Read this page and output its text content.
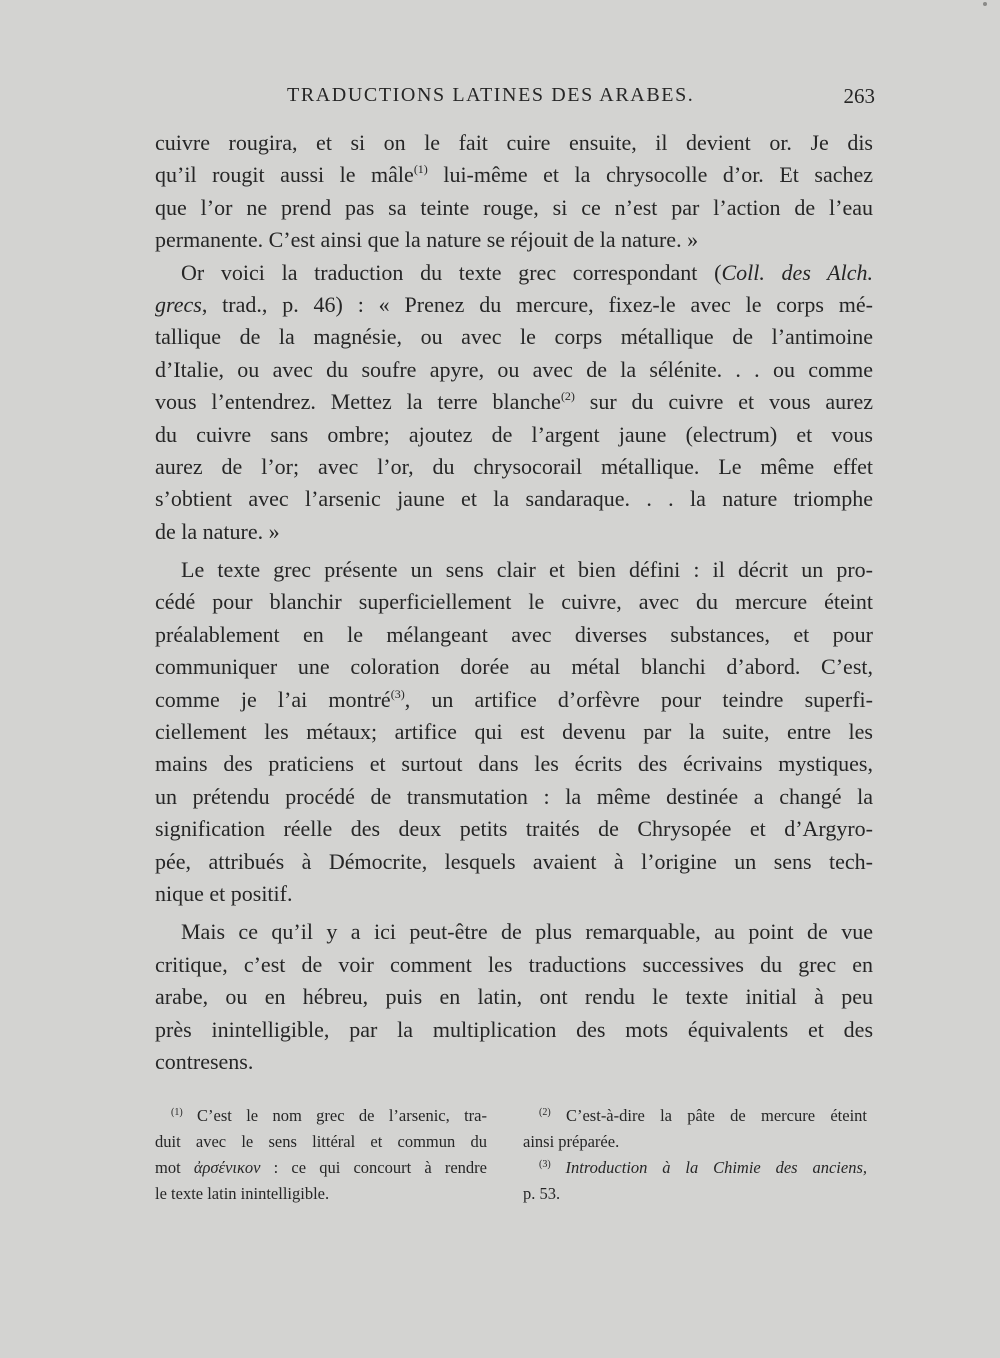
TRADUCTIONS LATINES DES ARABES.	263
cuivre rougira, et si on le fait cuire ensuite, il devient or. Je dis
qu’il rougit aussi le mâle$^{(1)}$ lui-même et la chrysocolle d’or. Et sachez
que l’or ne prend pas sa teinte rouge, si ce n’est par l’action de l’eau
permanente. C’est ainsi que la nature se réjouit de la nature. »
Or voici la traduction du texte grec correspondant (Coll. des Alch.
grecs, trad., p. 46) : « Prenez du mercure, fixez-le avec le corps mé-
tallique de la magnésie, ou avec le corps métallique de l’antimoine
d’Italie, ou avec du soufre apyre, ou avec de la sélénite. . . ou comme
vous l’entendrez. Mettez la terre blanche$^{(2)}$ sur du cuivre et vous aurez
du cuivre sans ombre; ajoutez de l’argent jaune (electrum) et vous
aurez de l’or; avec l’or, du chrysocorail métallique. Le même effet
s’obtient avec l’arsenic jaune et la sandaraque. . . la nature triomphe
de la nature. »
Le texte grec présente un sens clair et bien défini : il décrit un pro-
cédé pour blanchir superficiellement le cuivre, avec du mercure éteint
préalablement en le mélangeant avec diverses substances, et pour
communiquer une coloration dorée au métal blanchi d’abord. C’est,
comme je l’ai montré$^{(3)}$, un artifice d’orfèvre pour teindre superfi-
ciellement les métaux; artifice qui est devenu par la suite, entre les
mains des praticiens et surtout dans les écrits des écrivains mystiques,
un prétendu procédé de transmutation : la même destinée a changé la
signification réelle des deux petits traités de Chrysopée et d’Argyro-
pée, attribués à Démocrite, lesquels avaient à l’origine un sens tech-
nique et positif.
Mais ce qu’il y a ici peut-être de plus remarquable, au point de vue
critique, c’est de voir comment les traductions successives du grec en
arabe, ou en hébreu, puis en latin, ont rendu le texte initial à peu
près inintelligible, par la multiplication des mots équivalents et des
contresens.
$^{(1)}$ C’est le nom grec de l’arsenic, tra-
duit avec le sens littéral et commun du
mot ἀρσένικον : ce qui concourt à rendre
le texte latin inintelligible.
$^{(2)}$ C’est-à-dire la pâte de mercure éteint
ainsi préparée.
$^{(3)}$ Introduction à la Chimie des anciens,
p. 53.
